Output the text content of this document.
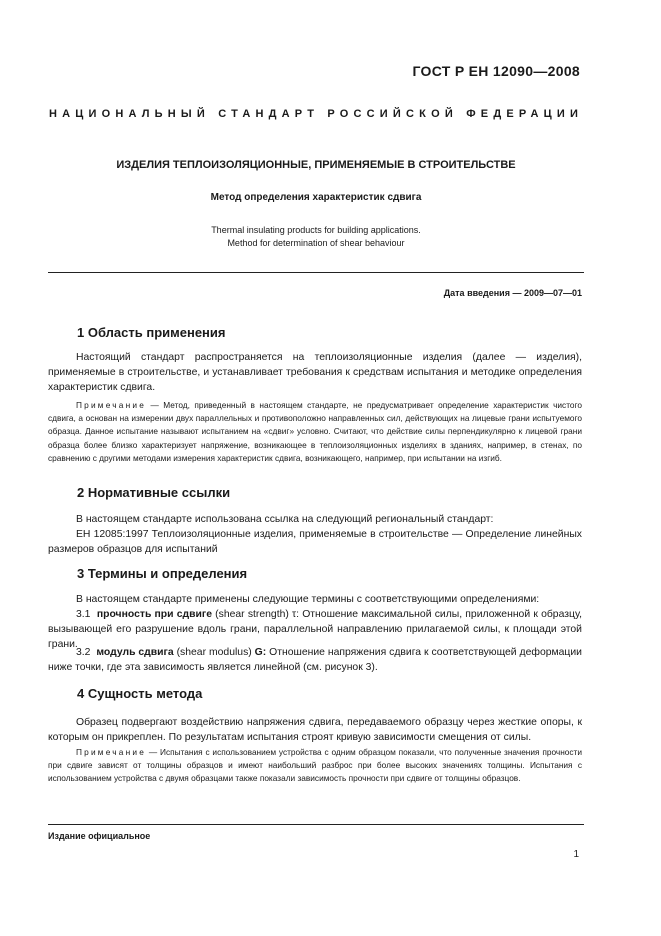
ГОСТ Р ЕН 12090—2008
НАЦИОНАЛЬНЫЙ СТАНДАРТ РОССИЙСКОЙ ФЕДЕРАЦИИ
ИЗДЕЛИЯ ТЕПЛОИЗОЛЯЦИОННЫЕ, ПРИМЕНЯЕМЫЕ В СТРОИТЕЛЬСТВЕ
Метод определения характеристик сдвига
Thermal insulating products for building applications.
Method for determination of shear behaviour
Дата введения — 2009—07—01
1 Область применения
Настоящий стандарт распространяется на теплоизоляционные изделия (далее — изделия), применяемые в строительстве, и устанавливает требования к средствам испытания и методике определения характеристик сдвига.
Примечание — Метод, приведенный в настоящем стандарте, не предусматривает определение характеристик чистого сдвига, а основан на измерении двух параллельных и противоположно направленных сил, действующих на лицевые грани испытуемого образца. Данное испытание называют испытанием на «сдвиг» условно. Считают, что действие силы перпендикулярно к лицевой грани образца более близко характеризует напряжение, возникающее в теплоизоляционных изделиях в зданиях, например, в стенах, по сравнению с другими методами измерения характеристик сдвига, возникающего, например, при испытании на изгиб.
2 Нормативные ссылки
В настоящем стандарте использована ссылка на следующий региональный стандарт:
ЕН 12085:1997 Теплоизоляционные изделия, применяемые в строительстве — Определение линейных размеров образцов для испытаний
3 Термины и определения
В настоящем стандарте применены следующие термины с соответствующими определениями:
3.1 прочность при сдвиге (shear strength) τ: Отношение максимальной силы, приложенной к образцу, вызывающей его разрушение вдоль грани, параллельной направлению прилагаемой силы, к площади этой грани.
3.2 модуль сдвига (shear modulus) G: Отношение напряжения сдвига к соответствующей деформации ниже точки, где эта зависимость является линейной (см. рисунок 3).
4 Сущность метода
Образец подвергают воздействию напряжения сдвига, передаваемого образцу через жесткие опоры, к которым он прикреплен. По результатам испытания строят кривую зависимости смещения от силы.
Примечание — Испытания с использованием устройства с одним образцом показали, что полученные значения прочности при сдвиге зависят от толщины образцов и имеют наибольший разброс при более высоких значениях толщины. Испытания с использованием устройства с двумя образцами также показали зависимость прочности при сдвиге от толщины образцов.
Издание официальное
1
